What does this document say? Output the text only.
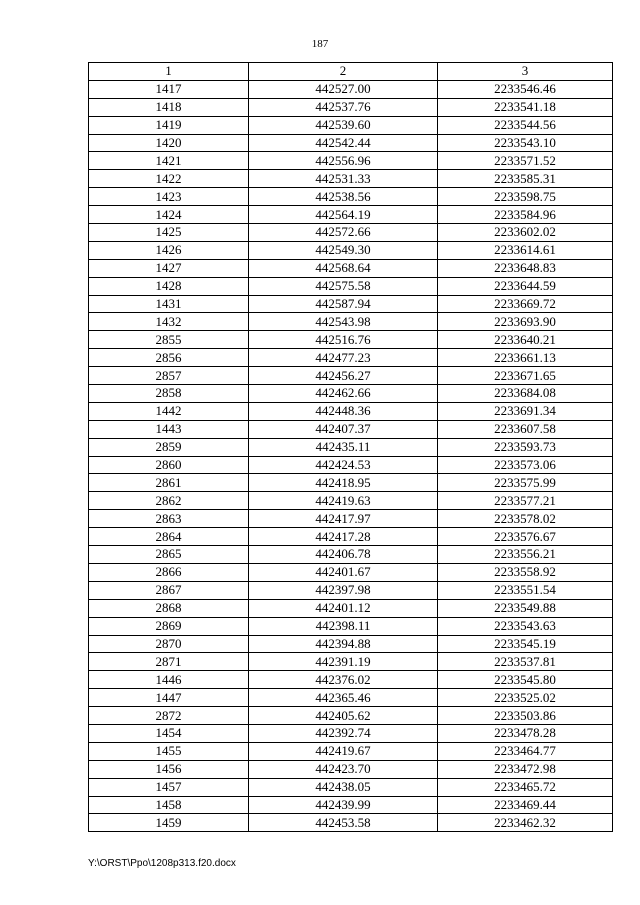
187
1	2	3
1417	442527.00	2233546.46
1418	442537.76	2233541.18
1419	442539.60	2233544.56
1420	442542.44	2233543.10
1421	442556.96	2233571.52
1422	442531.33	2233585.31
1423	442538.56	2233598.75
1424	442564.19	2233584.96
1425	442572.66	2233602.02
1426	442549.30	2233614.61
1427	442568.64	2233648.83
1428	442575.58	2233644.59
1431	442587.94	2233669.72
1432	442543.98	2233693.90
2855	442516.76	2233640.21
2856	442477.23	2233661.13
2857	442456.27	2233671.65
2858	442462.66	2233684.08
1442	442448.36	2233691.34
1443	442407.37	2233607.58
2859	442435.11	2233593.73
2860	442424.53	2233573.06
2861	442418.95	2233575.99
2862	442419.63	2233577.21
2863	442417.97	2233578.02
2864	442417.28	2233576.67
2865	442406.78	2233556.21
2866	442401.67	2233558.92
2867	442397.98	2233551.54
2868	442401.12	2233549.88
2869	442398.11	2233543.63
2870	442394.88	2233545.19
2871	442391.19	2233537.81
1446	442376.02	2233545.80
1447	442365.46	2233525.02
2872	442405.62	2233503.86
1454	442392.74	2233478.28
1455	442419.67	2233464.77
1456	442423.70	2233472.98
1457	442438.05	2233465.72
1458	442439.99	2233469.44
1459	442453.58	2233462.32
Y:\ORST\Ppo\1208p313.f20.docx
